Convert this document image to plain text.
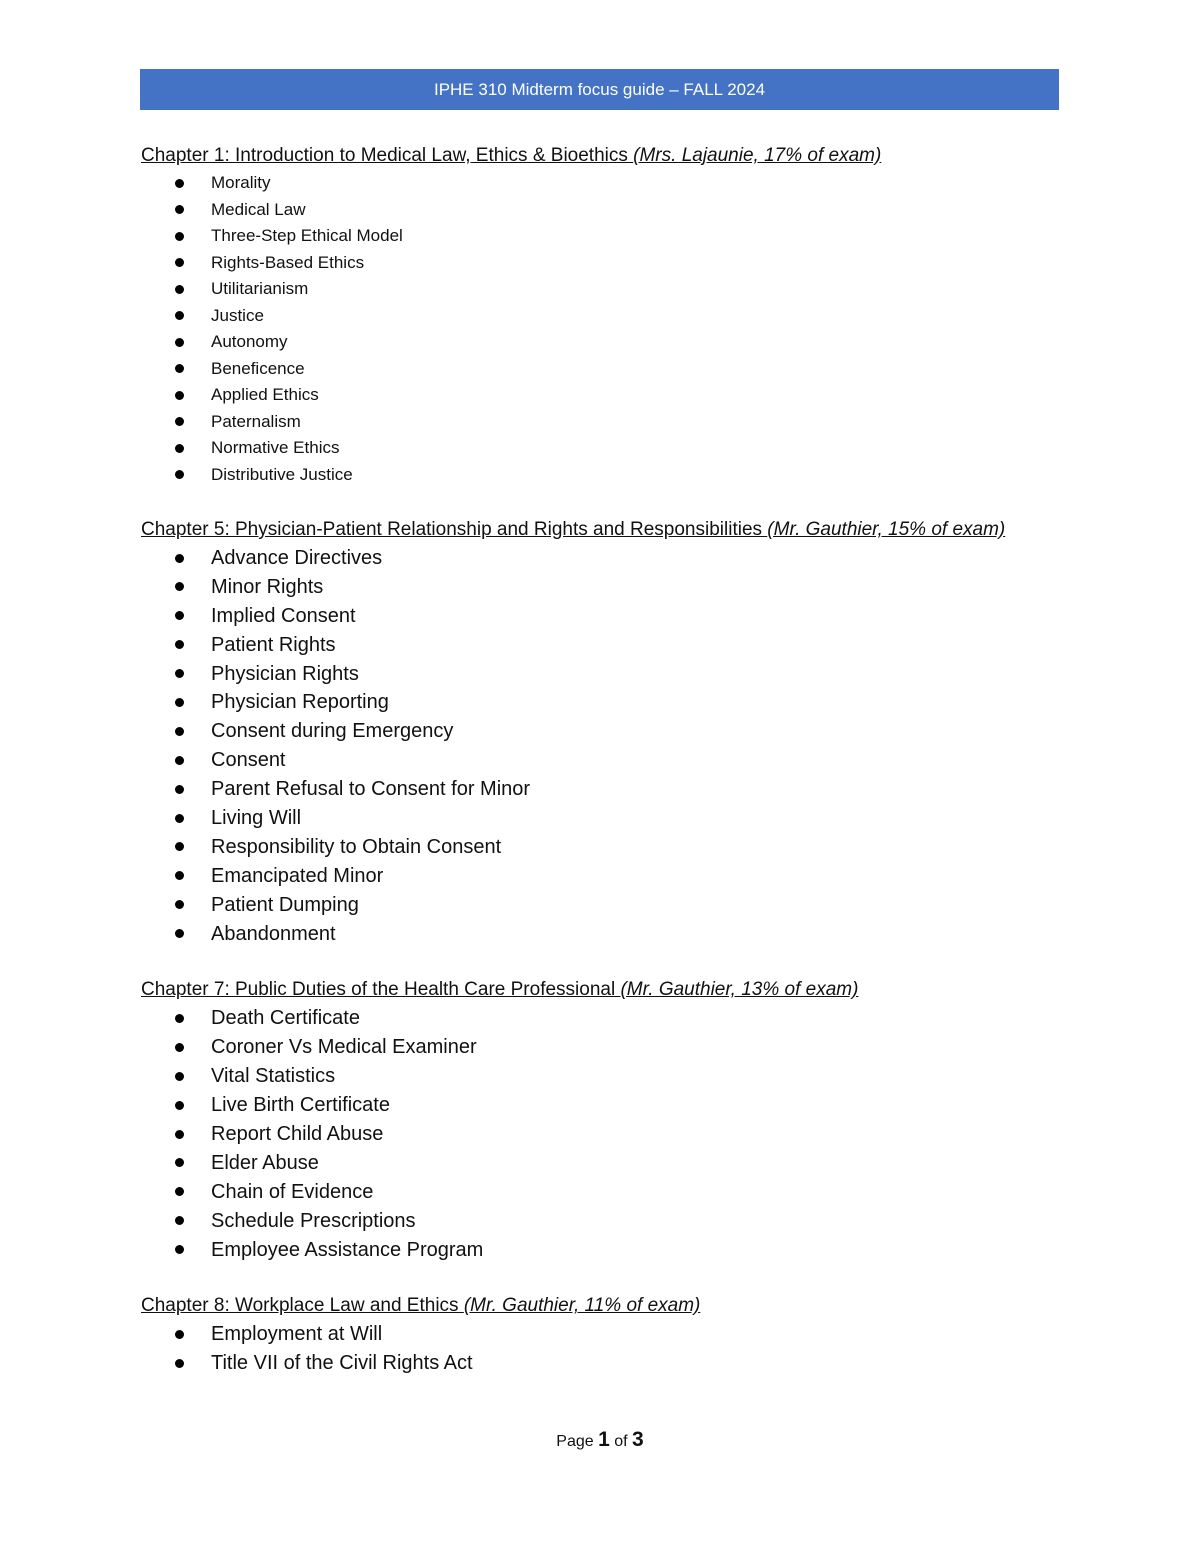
IPHE 310 Midterm focus guide – FALL 2024
Chapter 1: Introduction to Medical Law, Ethics & Bioethics (Mrs. Lajaunie, 17% of exam)
Morality
Medical Law
Three-Step Ethical Model
Rights-Based Ethics
Utilitarianism
Justice
Autonomy
Beneficence
Applied Ethics
Paternalism
Normative Ethics
Distributive Justice
Chapter 5: Physician-Patient Relationship and Rights and Responsibilities (Mr. Gauthier, 15% of exam)
Advance Directives
Minor Rights
Implied Consent
Patient Rights
Physician Rights
Physician Reporting
Consent during Emergency
Consent
Parent Refusal to Consent for Minor
Living Will
Responsibility to Obtain Consent
Emancipated Minor
Patient Dumping
Abandonment
Chapter 7: Public Duties of the Health Care Professional (Mr. Gauthier, 13% of exam)
Death Certificate
Coroner Vs Medical Examiner
Vital Statistics
Live Birth Certificate
Report Child Abuse
Elder Abuse
Chain of Evidence
Schedule Prescriptions
Employee Assistance Program
Chapter 8: Workplace Law and Ethics (Mr. Gauthier, 11% of exam)
Employment at Will
Title VII of the Civil Rights Act
Page 1 of 3
